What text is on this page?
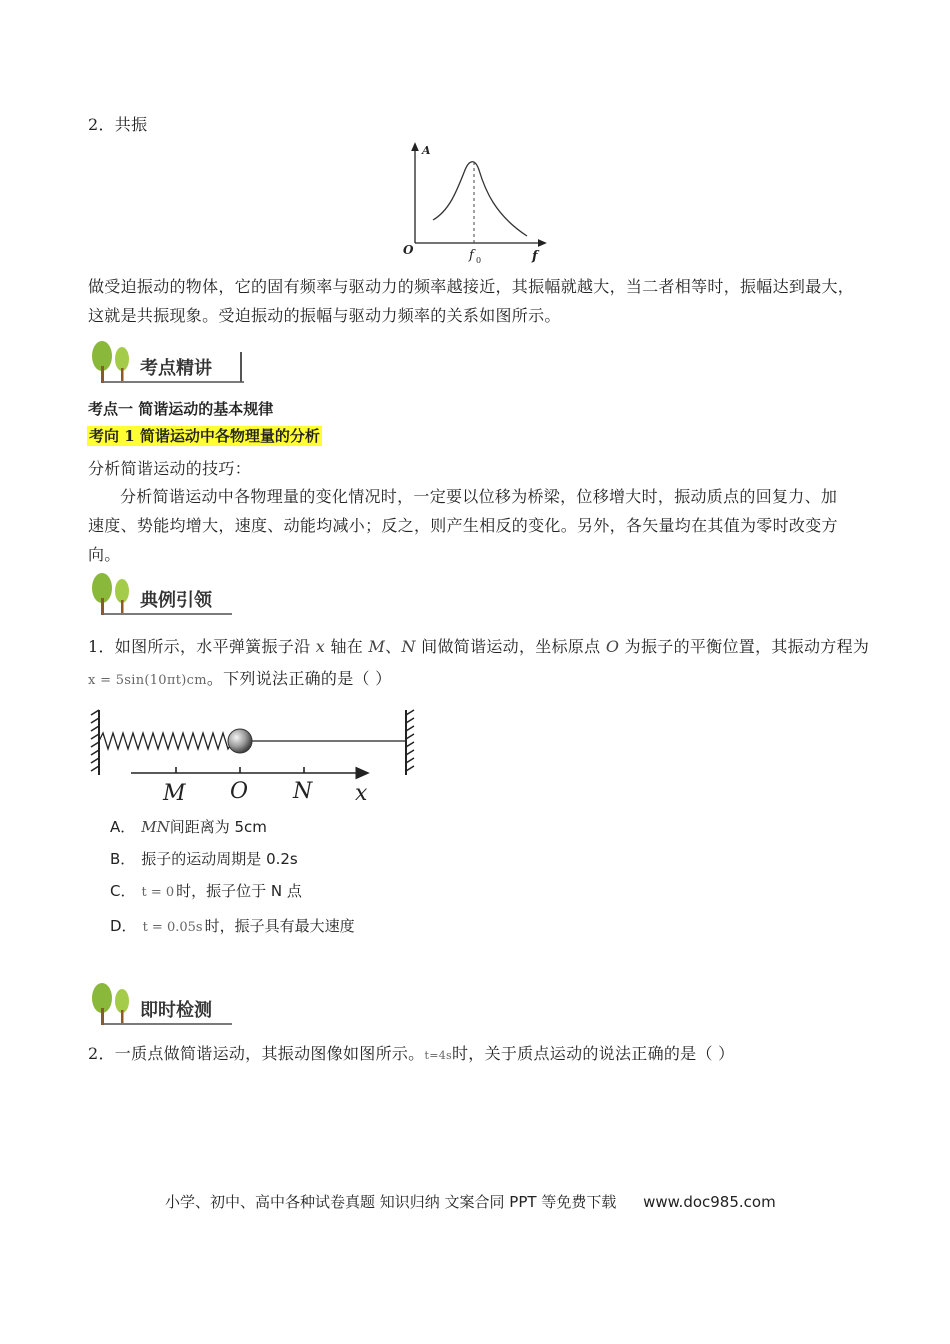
2．共振
A
f
O	f 0
做受迫振动的物体，它的固有频率与驱动力的频率越接近，其振幅就越大，当二者相等时，振幅达到最大，
这就是共振现象。受迫振动的振幅与驱动力频率的关系如图所示。
考点精讲
考点一 简谐运动的基本规律
考向 1 简谐运动中各物理量的分析
分析简谐运动的技巧：
分析简谐运动中各物理量的变化情况时，一定要以位移为桥梁，位移增大时，振动质点的回复力、加
速度、势能均增大，速度、动能均减小；反之，则产生相反的变化。另外，各矢量均在其值为零时改变方
向。
典例引领
1．如图所示，水平弹簧振子沿 x 轴在 M、N 间做简谐运动，坐标原点 O 为振子的平衡位置，其振动方程为
x = 5sin(10πt)cm。下列说法正确的是（ ）
M O N x
A． MN间距离为 5cm
B． 振子的运动周期是 0.2s
C． t = 0 时，振子位于 N 点
D． t = 0.05s 时，振子具有最大速度
即时检测
2．一质点做简谐运动，其振动图像如图所示。t=4s时，关于质点运动的说法正确的是（ ）
小学、初中、高中各种试卷真题 知识归纳 文案合同 PPT 等免费下载 www.doc985.com
